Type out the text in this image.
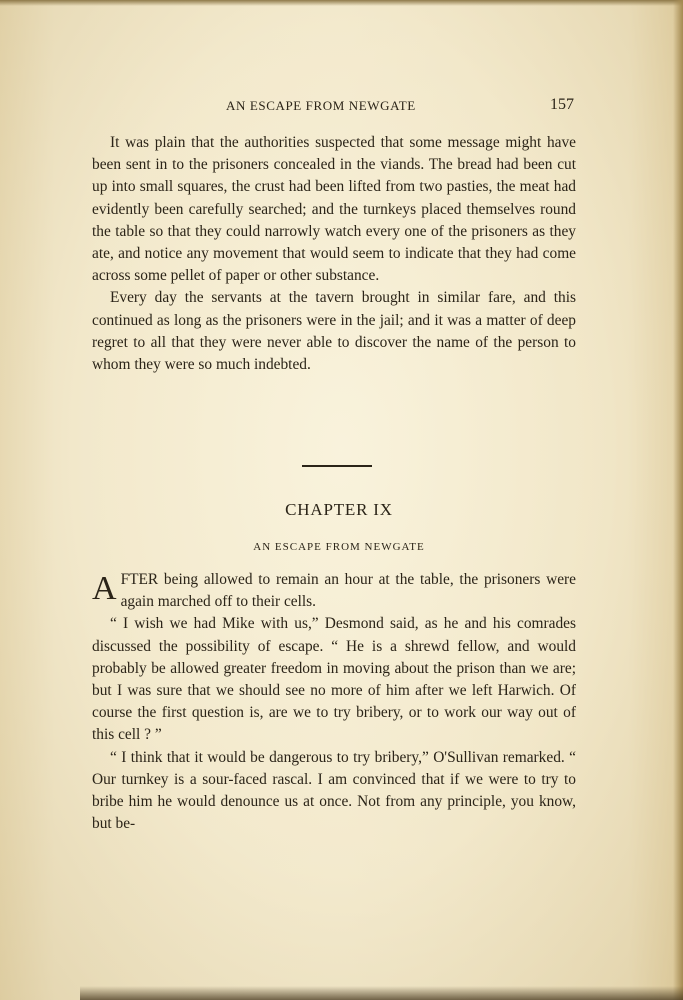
AN ESCAPE FROM NEWGATE	157

It was plain that the authorities suspected that some message might have been sent in to the prisoners concealed in the viands. The bread had been cut up into small squares, the crust had been lifted from two pasties, the meat had evidently been carefully searched; and the turnkeys placed themselves round the table so that they could narrowly watch every one of the prisoners as they ate, and notice any movement that would seem to indicate that they had come across some pellet of paper or other substance.

Every day the servants at the tavern brought in similar fare, and this continued as long as the prisoners were in the jail; and it was a matter of deep regret to all that they were never able to discover the name of the person to whom they were so much indebted.

CHAPTER IX
AN ESCAPE FROM NEWGATE

AFTER being allowed to remain an hour at the table, the prisoners were again marched off to their cells.

“ I wish we had Mike with us,” Desmond said, as he and his comrades discussed the possibility of escape. “ He is a shrewd fellow, and would probably be allowed greater freedom in moving about the prison than we are; but I was sure that we should see no more of him after we left Harwich. Of course the first question is, are we to try bribery, or to work our way out of this cell ? ”

“ I think that it would be dangerous to try bribery,” O'Sullivan remarked. “ Our turnkey is a sour-faced rascal. I am convinced that if we were to try to bribe him he would denounce us at once. Not from any principle, you know, but be-
